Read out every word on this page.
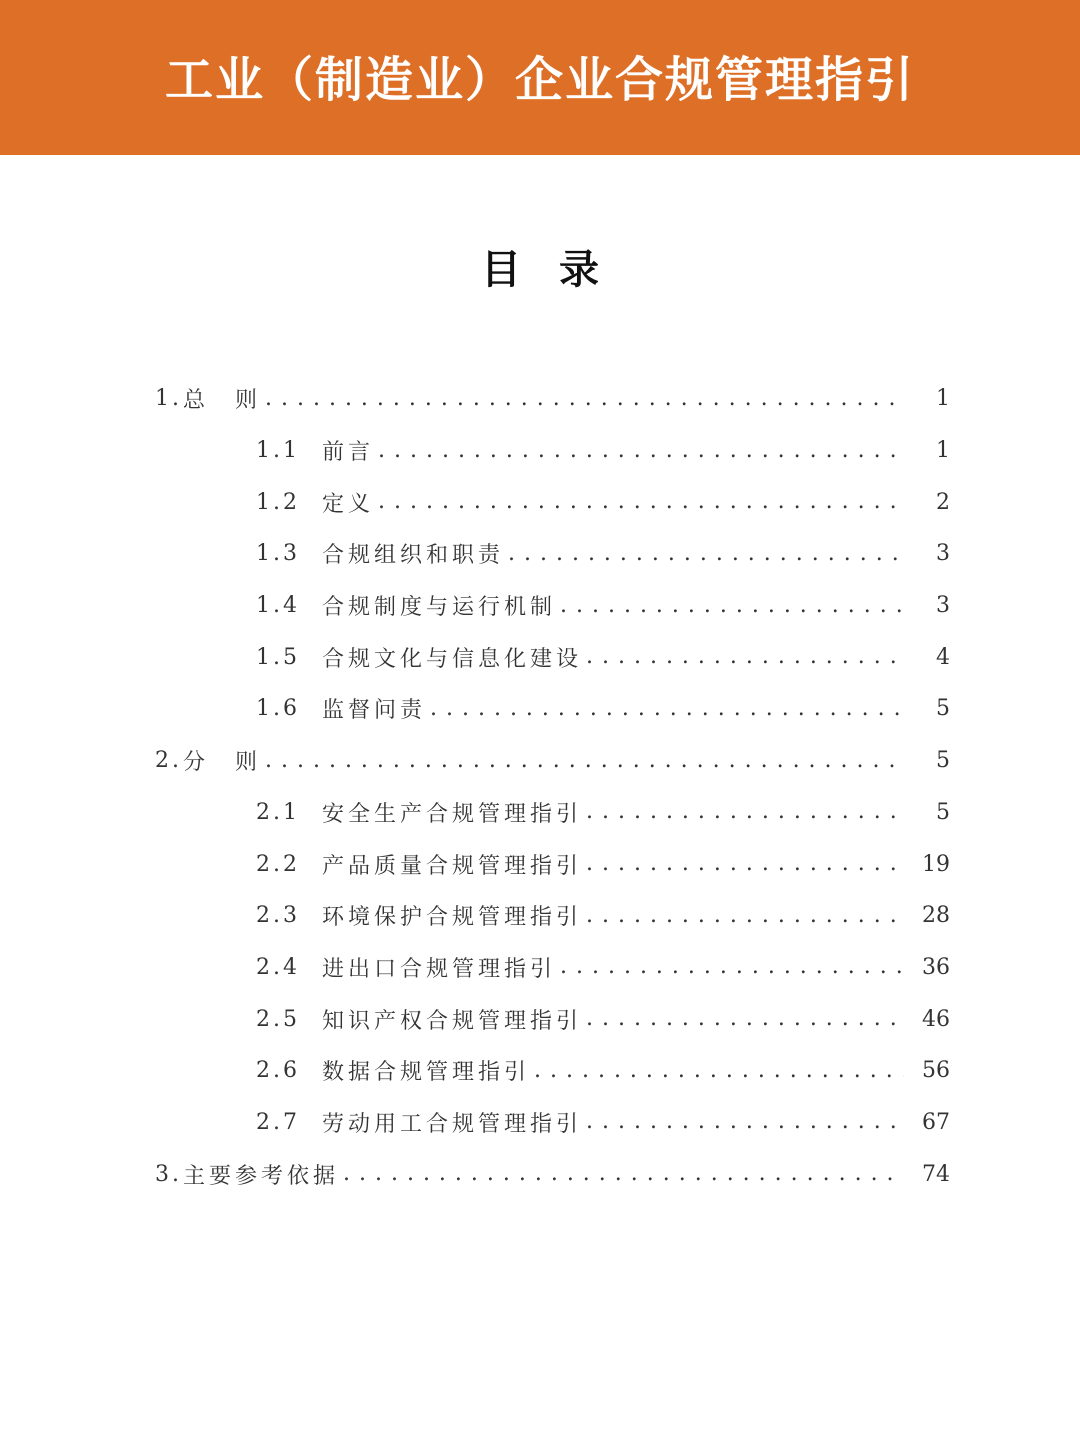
工业（制造业）企业合规管理指引
目录
1. 总　则 . . .	1
1.1	前言 . . .	1
1.2	定义 . . .	2
1.3	合规组织和职责 . . .	3
1.4	合规制度与运行机制 . . .	3
1.5	合规文化与信息化建设 . . .	4
1.6	监督问责 . . .	5
2. 分　则 . . .	5
2.1	安全生产合规管理指引 . . .	5
2.2	产品质量合规管理指引 . . .	19
2.3	环境保护合规管理指引 . . .	28
2.4	进出口合规管理指引 . . .	36
2.5	知识产权合规管理指引 . . .	46
2.6	数据合规管理指引 . . .	56
2.7	劳动用工合规管理指引 . . .	67
3. 主要参考依据 . . .	74
